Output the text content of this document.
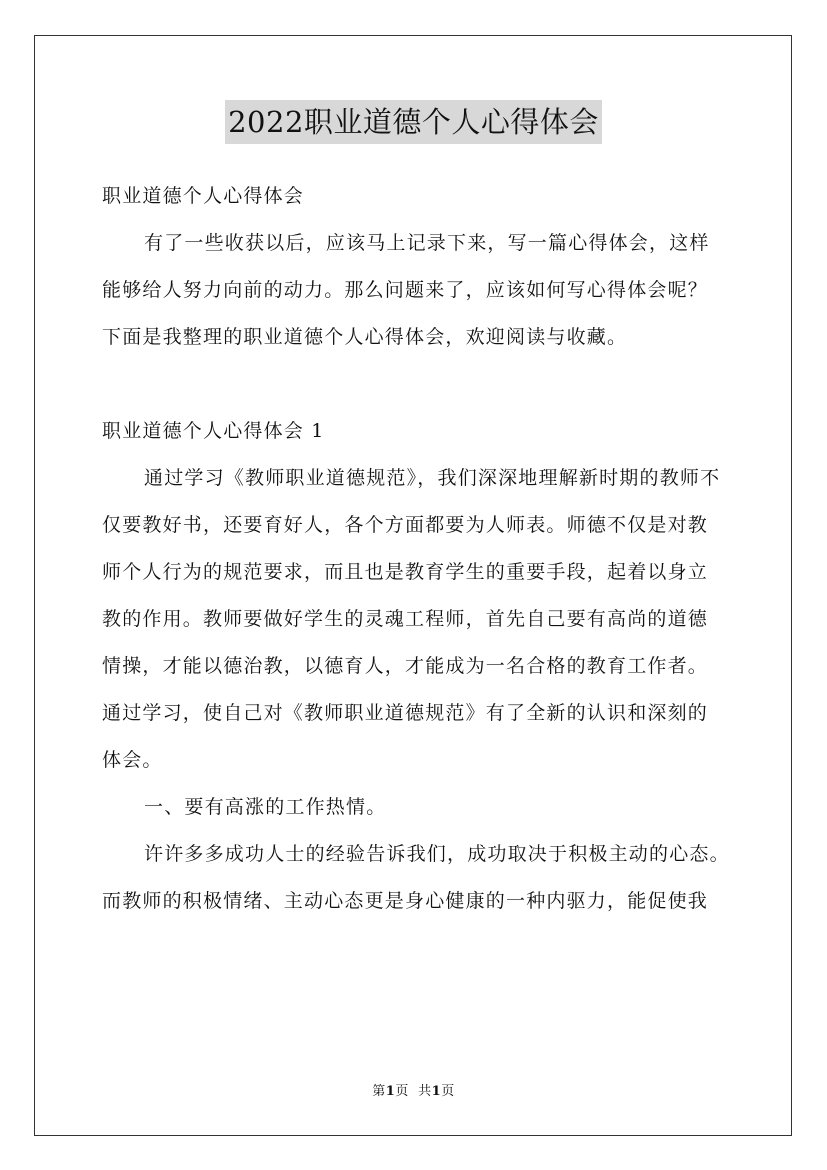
2022职业道德个人心得体会
职业道德个人心得体会
有了一些收获以后，应该马上记录下来，写一篇心得体会，这样
能够给人努力向前的动力。那么问题来了，应该如何写心得体会呢？
下面是我整理的职业道德个人心得体会，欢迎阅读与收藏。
职业道德个人心得体会 1
通过学习《教师职业道德规范》，我们深深地理解新时期的教师不
仅要教好书，还要育好人，各个方面都要为人师表。师德不仅是对教
师个人行为的规范要求，而且也是教育学生的重要手段，起着以身立
教的作用。教师要做好学生的灵魂工程师，首先自己要有高尚的道德
情操，才能以德治教，以德育人，才能成为一名合格的教育工作者。
通过学习，使自己对《教师职业道德规范》有了全新的认识和深刻的
体会。
一、要有高涨的工作热情。
许许多多成功人士的经验告诉我们，成功取决于积极主动的心态。
而教师的积极情绪、主动心态更是身心健康的一种内驱力，能促使我
第1页 共1页
